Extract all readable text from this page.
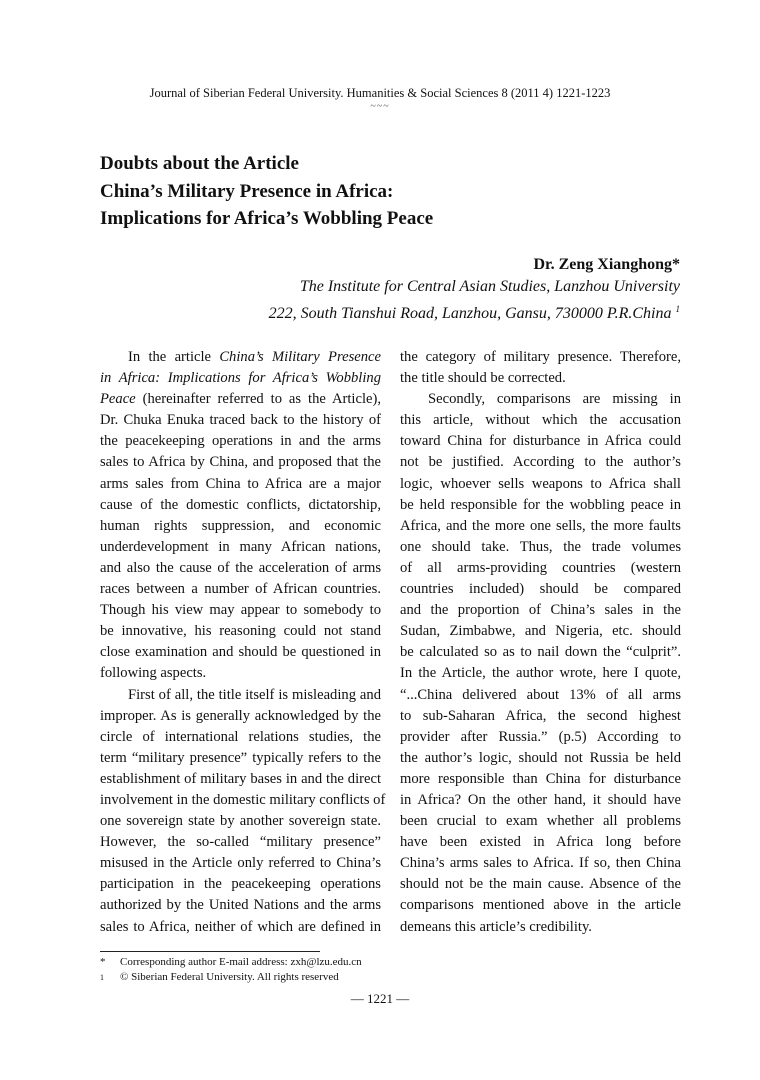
Journal of Siberian Federal University. Humanities & Social Sciences 8 (2011 4) 1221-1223
~~~
Doubts about the Article
China’s Military Presence in Africa:
Implications for Africa’s Wobbling Peace
Dr. Zeng Xianghong*
The Institute for Central Asian Studies, Lanzhou University
222, South Tianshui Road, Lanzhou, Gansu, 730000 P.R.China $^1$
In the article China’s Military Presence
in Africa: Implications for Africa’s Wobbling
Peace (hereinafter referred to as the Article),
Dr. Chuka Enuka traced back to the history of
the peacekeeping operations in and the arms
sales to Africa by China, and proposed that the
arms sales from China to Africa are a major
cause of the domestic conflicts, dictatorship,
human rights suppression, and economic
underdevelopment in many African nations,
and also the cause of the acceleration of arms
races between a number of African countries.
Though his view may appear to somebody to
be innovative, his reasoning could not stand
close examination and should be questioned in
following aspects.
First of all, the title itself is misleading and
improper. As is generally acknowledged by the
circle of international relations studies, the
term “military presence” typically refers to the
establishment of military bases in and the direct
involvement in the domestic military conflicts of
one sovereign state by another sovereign state.
However, the so-called “military presence”
misused in the Article only referred to China’s
participation in the peacekeeping operations
authorized by the United Nations and the arms
sales to Africa, neither of which are defined in
the category of military presence. Therefore,
the title should be corrected.
Secondly, comparisons are missing in
this article, without which the accusation
toward China for disturbance in Africa could
not be justified. According to the author’s
logic, whoever sells weapons to Africa shall
be held responsible for the wobbling peace in
Africa, and the more one sells, the more faults
one should take. Thus, the trade volumes
of all arms-providing countries (western
countries included) should be compared
and the proportion of China’s sales in the
Sudan, Zimbabwe, and Nigeria, etc. should
be calculated so as to nail down the “culprit”.
In the Article, the author wrote, here I quote,
“...China delivered about 13% of all arms
to sub-Saharan Africa, the second highest
provider after Russia.” (p.5) According to
the author’s logic, should not Russia be held
more responsible than China for disturbance
in Africa? On the other hand, it should have
been crucial to exam whether all problems
have been existed in Africa long before
China’s arms sales to Africa. If so, then China
should not be the main cause. Absence of the
comparisons mentioned above in the article
demeans this article’s credibility.
*	Corresponding author E-mail address: zxh@lzu.edu.cn
1	© Siberian Federal University. All rights reserved
— 1221 —
